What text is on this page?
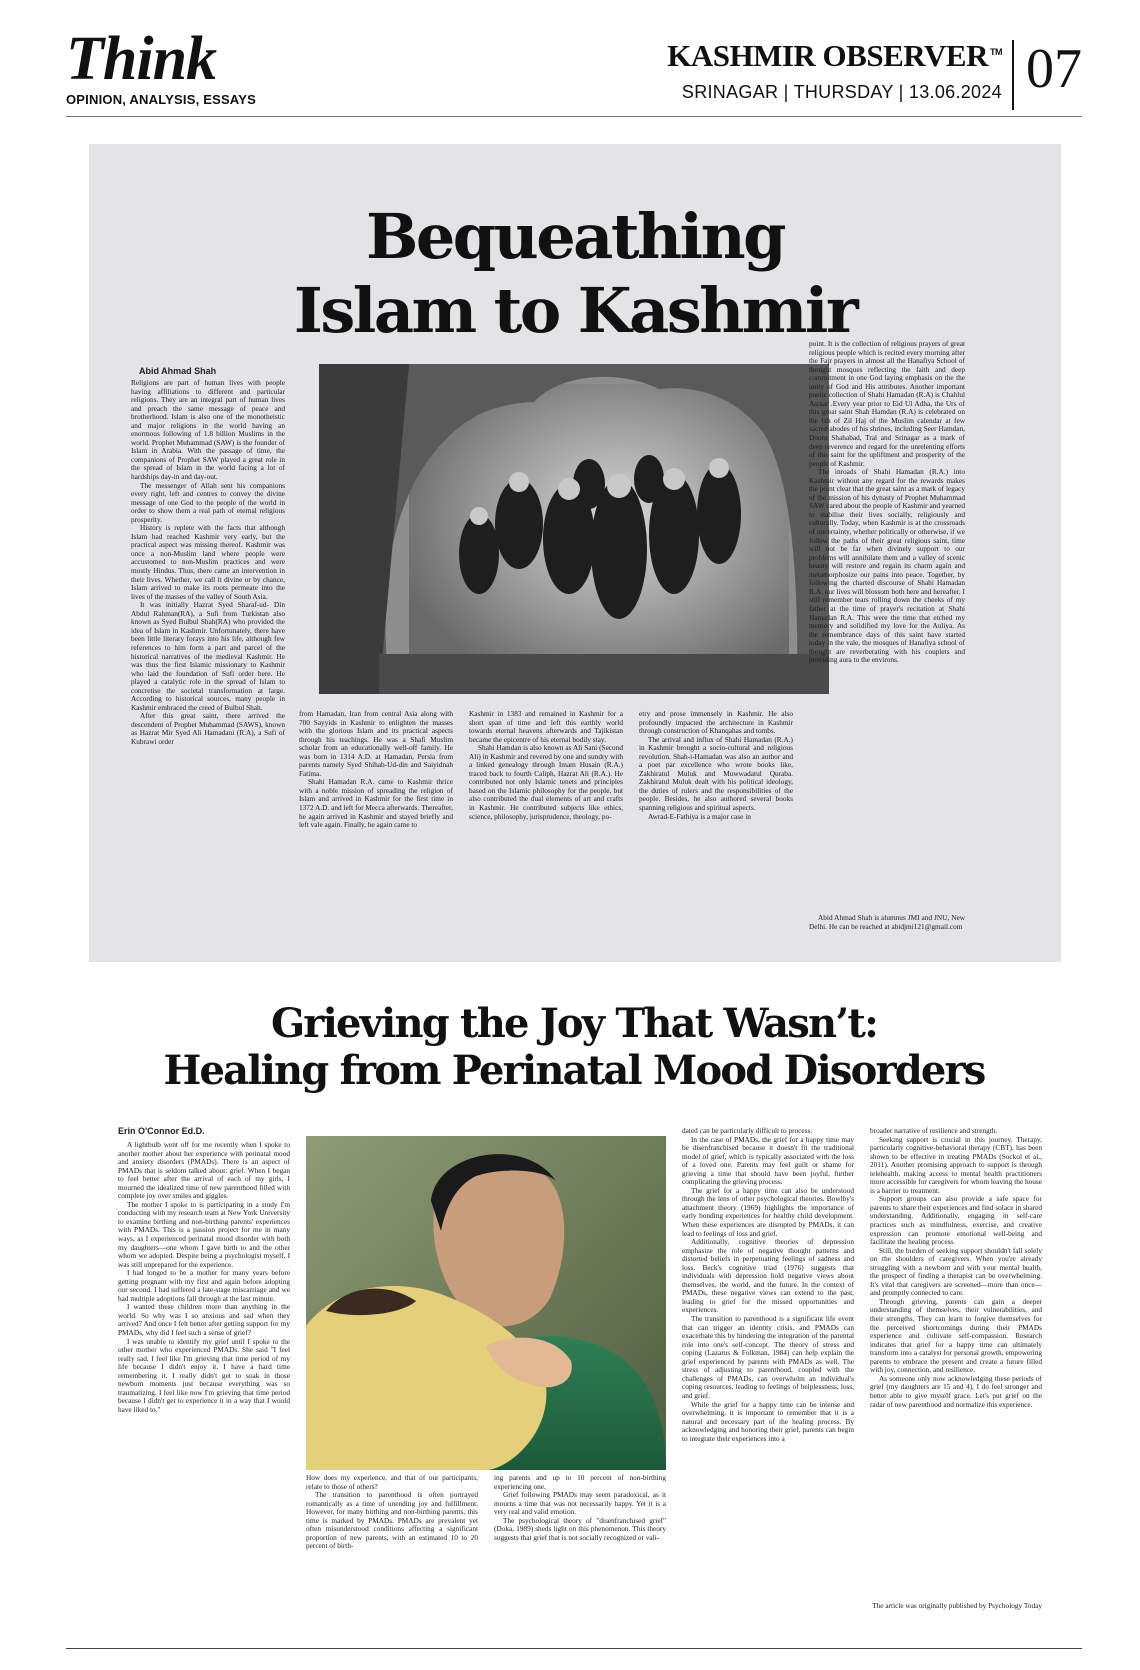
Think
OPINION, ANALYSIS, ESSAYS
KASHMIR OBSERVER ™
SRINAGAR | THURSDAY | 13.06.2024 07
Bequeathing
Islam to Kashmir
Abid Ahmad Shah

Religions are part of human lives with people having affiliations to different and particular religions. They are an integral part of human lives and preach the same message of peace and brotherhood. Islam is also one of the monotheistic and major religions in the world having an enormous following of 1.8 billion Muslims in the world. Prophet Muhammad (SAW) is the founder of Islam in Arabia. With the passage of time, the companions of Prophet SAW played a great role in the spread of Islam in the world facing a lot of hardships day-in and day-out.

The messenger of Allah sent his companions every right, left and centres to convey the divine message of one God to the people of the world in order to show them a real path of eternal religious prosperity.

History is replete with the facts that although Islam had reached Kashmir very early, but the practical aspect was missing thereof. Kashmir was once a non-Muslim land where people were accustomed to non-Muslim practices and were mostly Hindus. Thus, there came an intervention in their lives. Whether, we call it divine or by chance, Islam arrived to make its roots permeate into the lives of the masses of the valley of South Asia.

It was initially Hazrat Syed Sharaf-ud- Din Abdul Rahman(RA), a Sufi from Turkistan also known as Syed Bulbul Shah(RA) who provided the idea of Islam in Kashmir. Unfortunately, there have been little literary forays into his life, although few references to him form a part and parcel of the historical narratives of the medieval Kashmir. He was thus the first Islamic missionary to Kashmir who laid the foundation of Sufi order here. He played a catalytic role in the spread of Islam to concretise the societal transformation at large. According to historical sources, many people in Kashmir embraced the creed of Bulbul Shah.

After this great saint, there arrived the descendent of Prophet Muhammad (SAWS), known as Hazrat Mir Syed Ali Hamadani (R.A), a Sufi of Kubrawi order

from Hamadan, Iran from central Asia along with 700 Sayyids in Kashmir to enlighten the masses with the glorious Islam and its practical aspects through his teachings. He was a Shafi Muslim scholar from an educationally well-off family. He was born in 1314 A.D. at Hamadan, Persia from parents namely Syed Shihab-Ud-din and Saiyidnah Fatima.

Shahi Hamadan R.A. came to Kashmir thrice with a noble mission of spreading the religion of Islam and arrived in Kashmir for the first time in 1372 A.D. and left for Mecca afterwards. Thereafter, he again arrived in Kashmir and stayed briefly and left vale again. Finally, he again came to

Kashmir in 1383 and remained in Kashmir for a short span of time and left this earthly world towards eternal heavens afterwards and Tajikistan became the epicentre of his eternal bodily stay.

Shahi Hamdan is also known as Ali Sani (Second Ali) in Kashmir and revered by one and sundry with a linked genealogy through Imam Husain (R.A.) traced back to fourth Caliph, Hazrat Ali (R.A.). He contributed not only Islamic tenets and principles based on the Islamic philosophy for the people, but also contributed the dual elements of art and crafts in Kashmir. He contributed subjects like ethics, science, philosophy, jurisprudence, theology, po-

etry and prose immensely in Kashmir. He also profoundly impacted the architecture in Kashmir through construction of Khanqahas and tombs.

The arrival and influx of Shahi Hamadan (R.A.) in Kashmir brought a socio-cultural and religious revolution. Shah-i-Hamadan was also an author and a poet par excellence who wrote books like, Zakhiratul Muluk and Muwwadatul Qurabа. Zakhiratul Muluk dealt with his political ideology, the duties of rulers and the responsibilities of the people. Besides, he also authored several books spanning religious and spiritual aspects.

Awrad-E-Fathiya is a major case in

point. It is the collection of religious prayers of great religious people which is recited every morning after the Fajr prayers in almost all the Hanafiya School of thought mosques reflecting the faith and deep commitment in one God laying emphasis on the the unity of God and His attributes. Another important poetic collection of Shahi Hamadan (R.A) is Chahlul Asraar .Every year prior to Eid Ul Adha, the Urs of this great saint Shah Hamdan (R.A) is celebrated on the 6th of Zil Haj of the Muslim calendar at few sacred abodes of his shrines, including Seer Hamdan, Dooru Shahabad, Tral and Srinagar as a mark of deep reverence and regard for the unrelenting efforts of this saint for the upliftment and prosperity of the people of Kashmir.

The inroads of Shahi Hamadan (R.A.) into Kashmir without any regard for the rewards makes the point clear that the great saint as a mark of legacy of the mission of his dynasty of Prophet Muhammad SAW cared about the people of Kashmir and yearned to stabilise their lives socially, religiously and culturally. Today, when Kashmir is at the crossroads of uncertainty, whether politically or otherwise, if we follow the paths of their great religious saint, time will not be far when divinely support to our problems will annihilate them and a valley of scenic beauty will restore and regain its charm again and metamorphosize our pains into peace. Together, by following the charted discourse of Shahi Hamadan R.A. our lives will blossom both here and hereafter. I still remember tears rolling down the cheeks of my father at the time of prayer's recitation at Shahi Hamadan R.A. This were the time that etched my memory and solidified my love for the Auliya. As the remembrance days of this saint have started today in the vale, the mosques of Hanafiya school of thought are reverberating with his couplets and providing aura to the environs.

Abid Ahmad Shah is alumnus JMI and JNU, New Delhi. He can be reached at abidjmi121@gmail.com

Grieving the Joy That Wasn’t:
Healing from Perinatal Mood Disorders
Erin O'Connor Ed.D.

A lightbulb went off for me recently when I spoke to another mother about her experience with perinatal mood and anxiety disorders (PMADs). There is an aspect of PMADs that is seldom talked about: grief. When I began to feel better after the arrival of each of my girls, I mourned the idealized time of new parenthood filled with complete joy over smiles and giggles.

The mother I spoke to is participating in a study I'm conducting with my research team at New York University to examine birthing and non-birthing parents' experiences with PMADs. This is a passion project for me in many ways, as I experienced perinatal mood disorder with both my daughters—one whom I gave birth to and the other whom we adopted. Despite being a psychologist myself, I was still unprepared for the experience.

I had longed to be a mother for many years before getting pregnant with my first and again before adopting our second. I had suffered a late-stage miscarriage and we had multiple adoptions fall through at the last minute.

I wanted these children more than anything in the world. So why was I so anxious and sad when they arrived? And once I felt better after getting support for my PMADs, why did I feel such a sense of grief?

I was unable to identify my grief until I spoke to the other mother who experienced PMADs. She said "I feel really sad. I feel like I'm grieving that time period of my life because I didn't enjoy it. I have a hard time remembering it. I really didn't get to soak in those newborn moments just because everything was so traumatizing. I feel like now I'm grieving that time period because I didn't get to experience it in a way that I would have liked to."

How does my experience, and that of our participants, relate to those of others?

The transition to parenthood is often portrayed romantically as a time of unending joy and fulfillment. However, for many birthing and non-birthing parents, this time is marked by PMADs. PMADs are prevalent yet often misunderstood conditions affecting a significant proportion of new parents, with an estimated 10 to 20 percent of birth-

ing parents and up to 10 percent of non-birthing experiencing one.

Grief following PMADs may seem paradoxical, as it mourns a time that was not necessarily happy. Yet it is a very real and valid emotion.

The psychological theory of "disenfranchised grief" (Doka, 1989) sheds light on this phenomenon. This theory suggests that grief that is not socially recognized or vali-

dated can be particularly difficult to process.

In the case of PMADs, the grief for a happy time may be disenfranchised because it doesn't fit the traditional model of grief, which is typically associated with the loss of a loved one. Parents may feel guilt or shame for grieving a time that should have been joyful, further complicating the grieving process.

The grief for a happy time can also be understood through the lens of other psychological theories. Bowlby's attachment theory (1969) highlights the importance of early bonding experiences for healthy child development. When these experiences are disrupted by PMADs, it can lead to feelings of loss and grief.

Additionally, cognitive theories of depression emphasize the role of negative thought patterns and distorted beliefs in perpetuating feelings of sadness and loss. Beck's cognitive triad (1976) suggests that individuals with depression hold negative views about themselves, the world, and the future. In the context of PMADs, these negative views can extend to the past, leading to grief for the missed opportunities and experiences.

The transition to parenthood is a significant life event that can trigger an identity crisis, and PMADs can exacerbate this by hindering the integration of the parental role into one's self-concept. The theory of stress and coping (Lazarus & Folkman, 1984) can help explain the grief experienced by parents with PMADs as well. The stress of adjusting to parenthood, coupled with the challenges of PMADs, can overwhelm an individual's coping resources, leading to feelings of helplessness, loss, and grief.

While the grief for a happy time can be intense and overwhelming, it is important to remember that it is a natural and necessary part of the healing process. By acknowledging and honoring their grief, parents can begin to integrate their experiences into a

broader narrative of resilience and strength.

Seeking support is crucial in this journey. Therapy, particularly cognitive-behavioral therapy (CBT), has been shown to be effective in treating PMADs (Sockol et al., 2011). Another promising approach to support is through telehealth, making access to mental health practitioners more accessible for caregivers for whom leaving the house is a barrier to treatment.

Support groups can also provide a safe space for parents to share their experiences and find solace in shared understanding. Additionally, engaging in self-care practices such as mindfulness, exercise, and creative expression can promote emotional well-being and facilitate the healing process.

Still, the burden of seeking support shouldn't fall solely on the shoulders of caregivers. When you're already struggling with a newborn and with your mental health, the prospect of finding a therapist can be overwhelming. It's vital that caregivers are screened—more than once—and promptly connected to care.

Through grieving, parents can gain a deeper understanding of themselves, their vulnerabilities, and their strengths. They can learn to forgive themselves for the perceived shortcomings during their PMADs experience and cultivate self-compassion. Research indicates that grief for a happy time can ultimately transform into a catalyst for personal growth, empowering parents to embrace the present and create a future filled with joy, connection, and resilience.

As someone only now acknowledging these periods of grief (my daughters are 15 and 4), I do feel stronger and better able to give myself grace. Let's put grief on the radar of new parenthood and normalize this experience.

The article was originally published by Psychology Today
